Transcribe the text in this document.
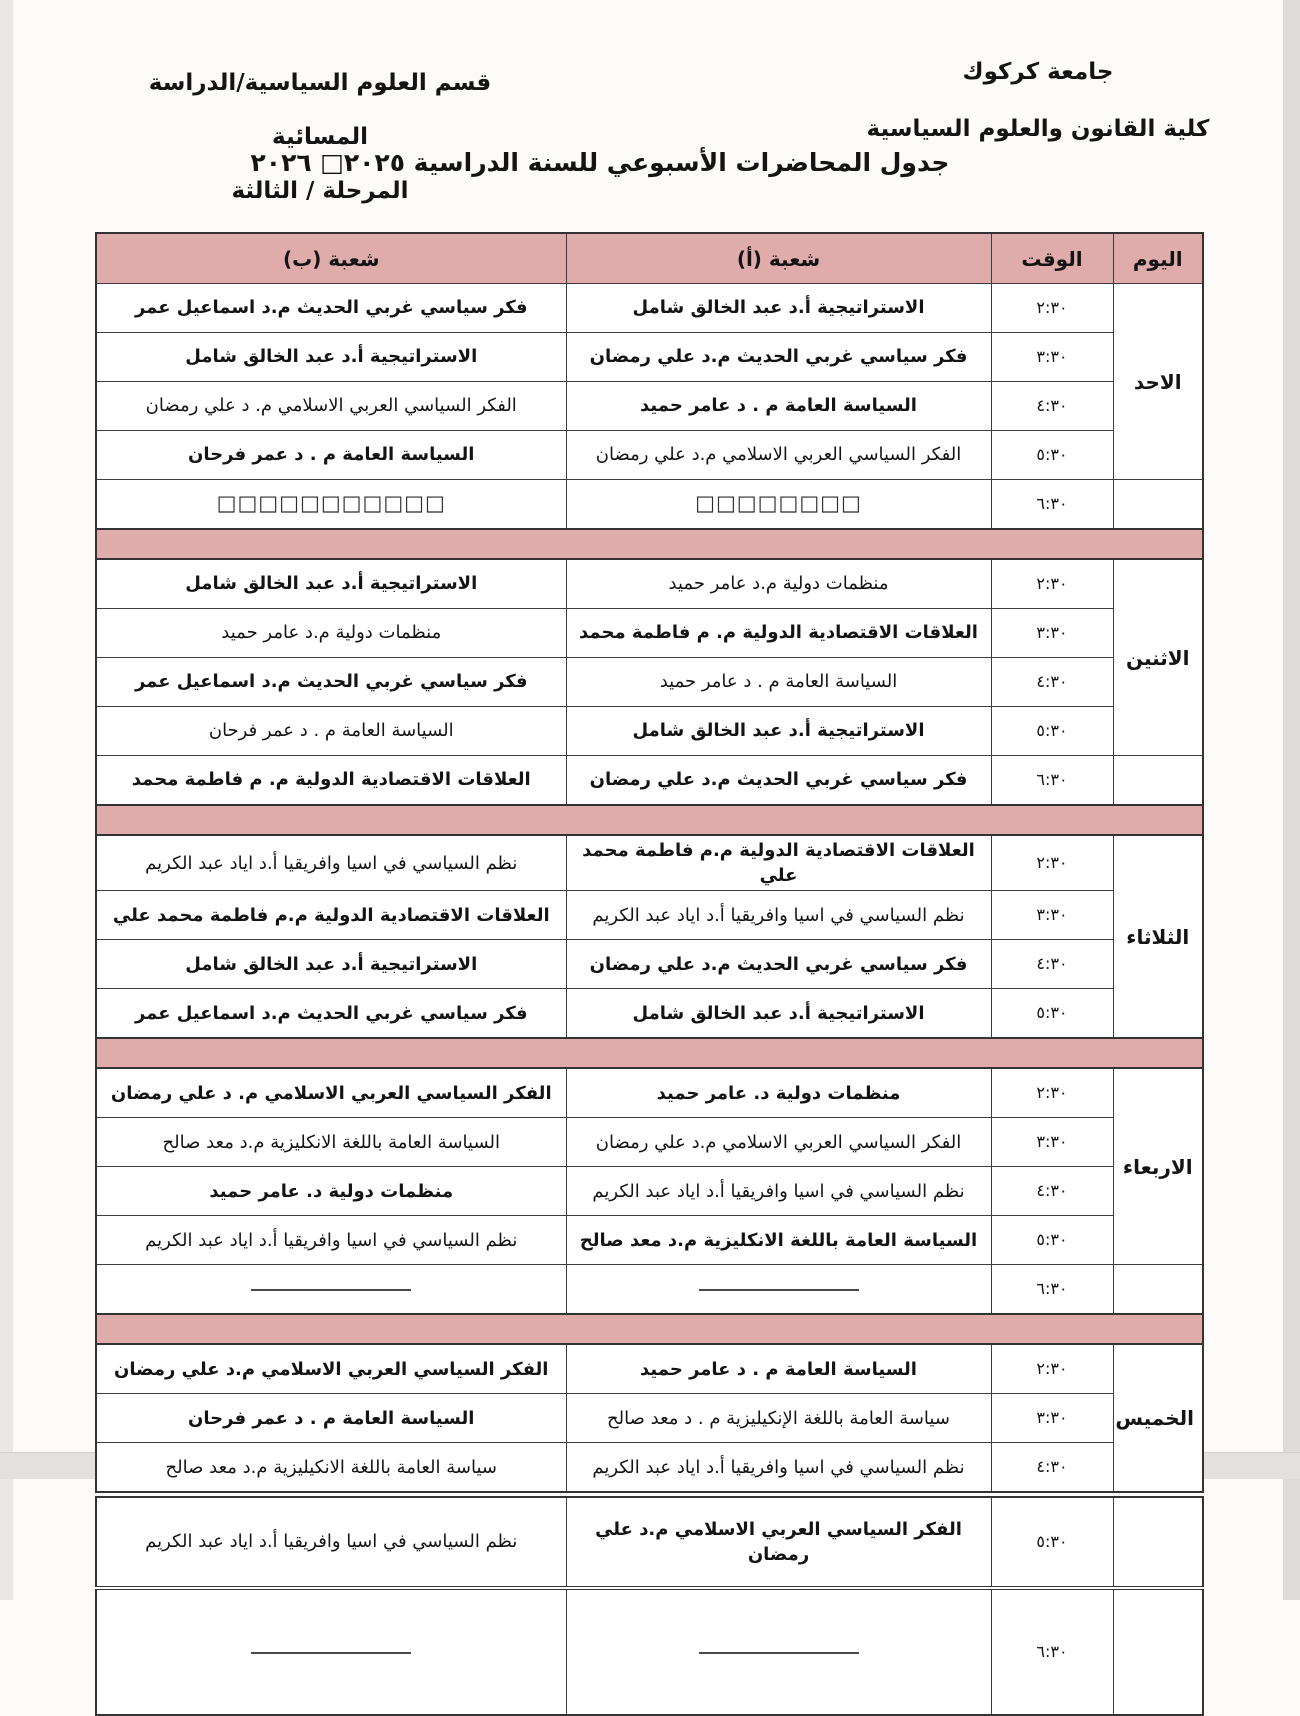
جامعة كركوك
كلية القانون والعلوم السياسية
قسم العلوم السياسية/الدراسة المسائية
المرحلة / الثالثة
جدول المحاضرات الأسبوعي للسنة الدراسية ٢٠٢٥□ ٢٠٢٦
اليوم	الوقت	شعبة (أ)	شعبة (ب)
الاحد	٢:٣٠	الاستراتيجية أ.د عبد الخالق شامل	فكر سياسي غربي الحديث م.د اسماعيل عمر
	٣:٣٠	فكر سياسي غربي الحديث م.د علي رمضان	الاستراتيجية أ.د عبد الخالق شامل
	٤:٣٠	السياسة العامة م . د عامر حميد	الفكر السياسي العربي الاسلامي م. د علي رمضان
	٥:٣٠	الفكر السياسي العربي الاسلامي م.د علي رمضان	السياسة العامة م . د عمر فرحان
	٦:٣٠	□□□□□□□□	□□□□□□□□□□□

الاثنين	٢:٣٠	منظمات دولية م.د عامر حميد	الاستراتيجية أ.د عبد الخالق شامل
	٣:٣٠	العلاقات الاقتصادية الدولية م. م فاطمة محمد	منظمات دولية م.د عامر حميد
	٤:٣٠	السياسة العامة م . د عامر حميد	فكر سياسي غربي الحديث م.د اسماعيل عمر
	٥:٣٠	الاستراتيجية أ.د عبد الخالق شامل	السياسة العامة م . د عمر فرحان
	٦:٣٠	فكر سياسي غربي الحديث م.د علي رمضان	العلاقات الاقتصادية الدولية م. م فاطمة محمد

الثلاثاء	٢:٣٠	العلاقات الاقتصادية الدولية م.م فاطمة محمد علي	نظم السياسي في اسيا وافريقيا أ.د اياد عبد الكريم
	٣:٣٠	نظم السياسي في اسيا وافريقيا أ.د اياد عبد الكريم	العلاقات الاقتصادية الدولية م.م فاطمة محمد علي
	٤:٣٠	فكر سياسي غربي الحديث م.د علي رمضان	الاستراتيجية أ.د عبد الخالق شامل
	٥:٣٠	الاستراتيجية أ.د عبد الخالق شامل	فكر سياسي غربي الحديث م.د اسماعيل عمر

الاربعاء	٢:٣٠	منظمات دولية د. عامر حميد	الفكر السياسي العربي الاسلامي م. د علي رمضان
	٣:٣٠	الفكر السياسي العربي الاسلامي م.د علي رمضان	السياسة العامة باللغة الانكليزية م.د معد صالح
	٤:٣٠	نظم السياسي في اسيا وافريقيا أ.د اياد عبد الكريم	منظمات دولية د. عامر حميد
	٥:٣٠	السياسة العامة باللغة الانكليزية م.د معد صالح	نظم السياسي في اسيا وافريقيا أ.د اياد عبد الكريم
	٦:٣٠		

الخميس	٢:٣٠	السياسة العامة م . د عامر حميد	الفكر السياسي العربي الاسلامي م.د علي رمضان
	٣:٣٠	سياسة العامة باللغة الإنكيليزية م . د معد صالح	السياسة العامة م . د عمر فرحان
	٤:٣٠	نظم السياسي في اسيا وافريقيا أ.د اياد عبد الكريم	سياسة العامة باللغة الانكيليزية م.د معد صالح
	٥:٣٠	الفكر السياسي العربي الاسلامي م.د علي رمضان	نظم السياسي في اسيا وافريقيا أ.د اياد عبد الكريم
	٦:٣٠		
